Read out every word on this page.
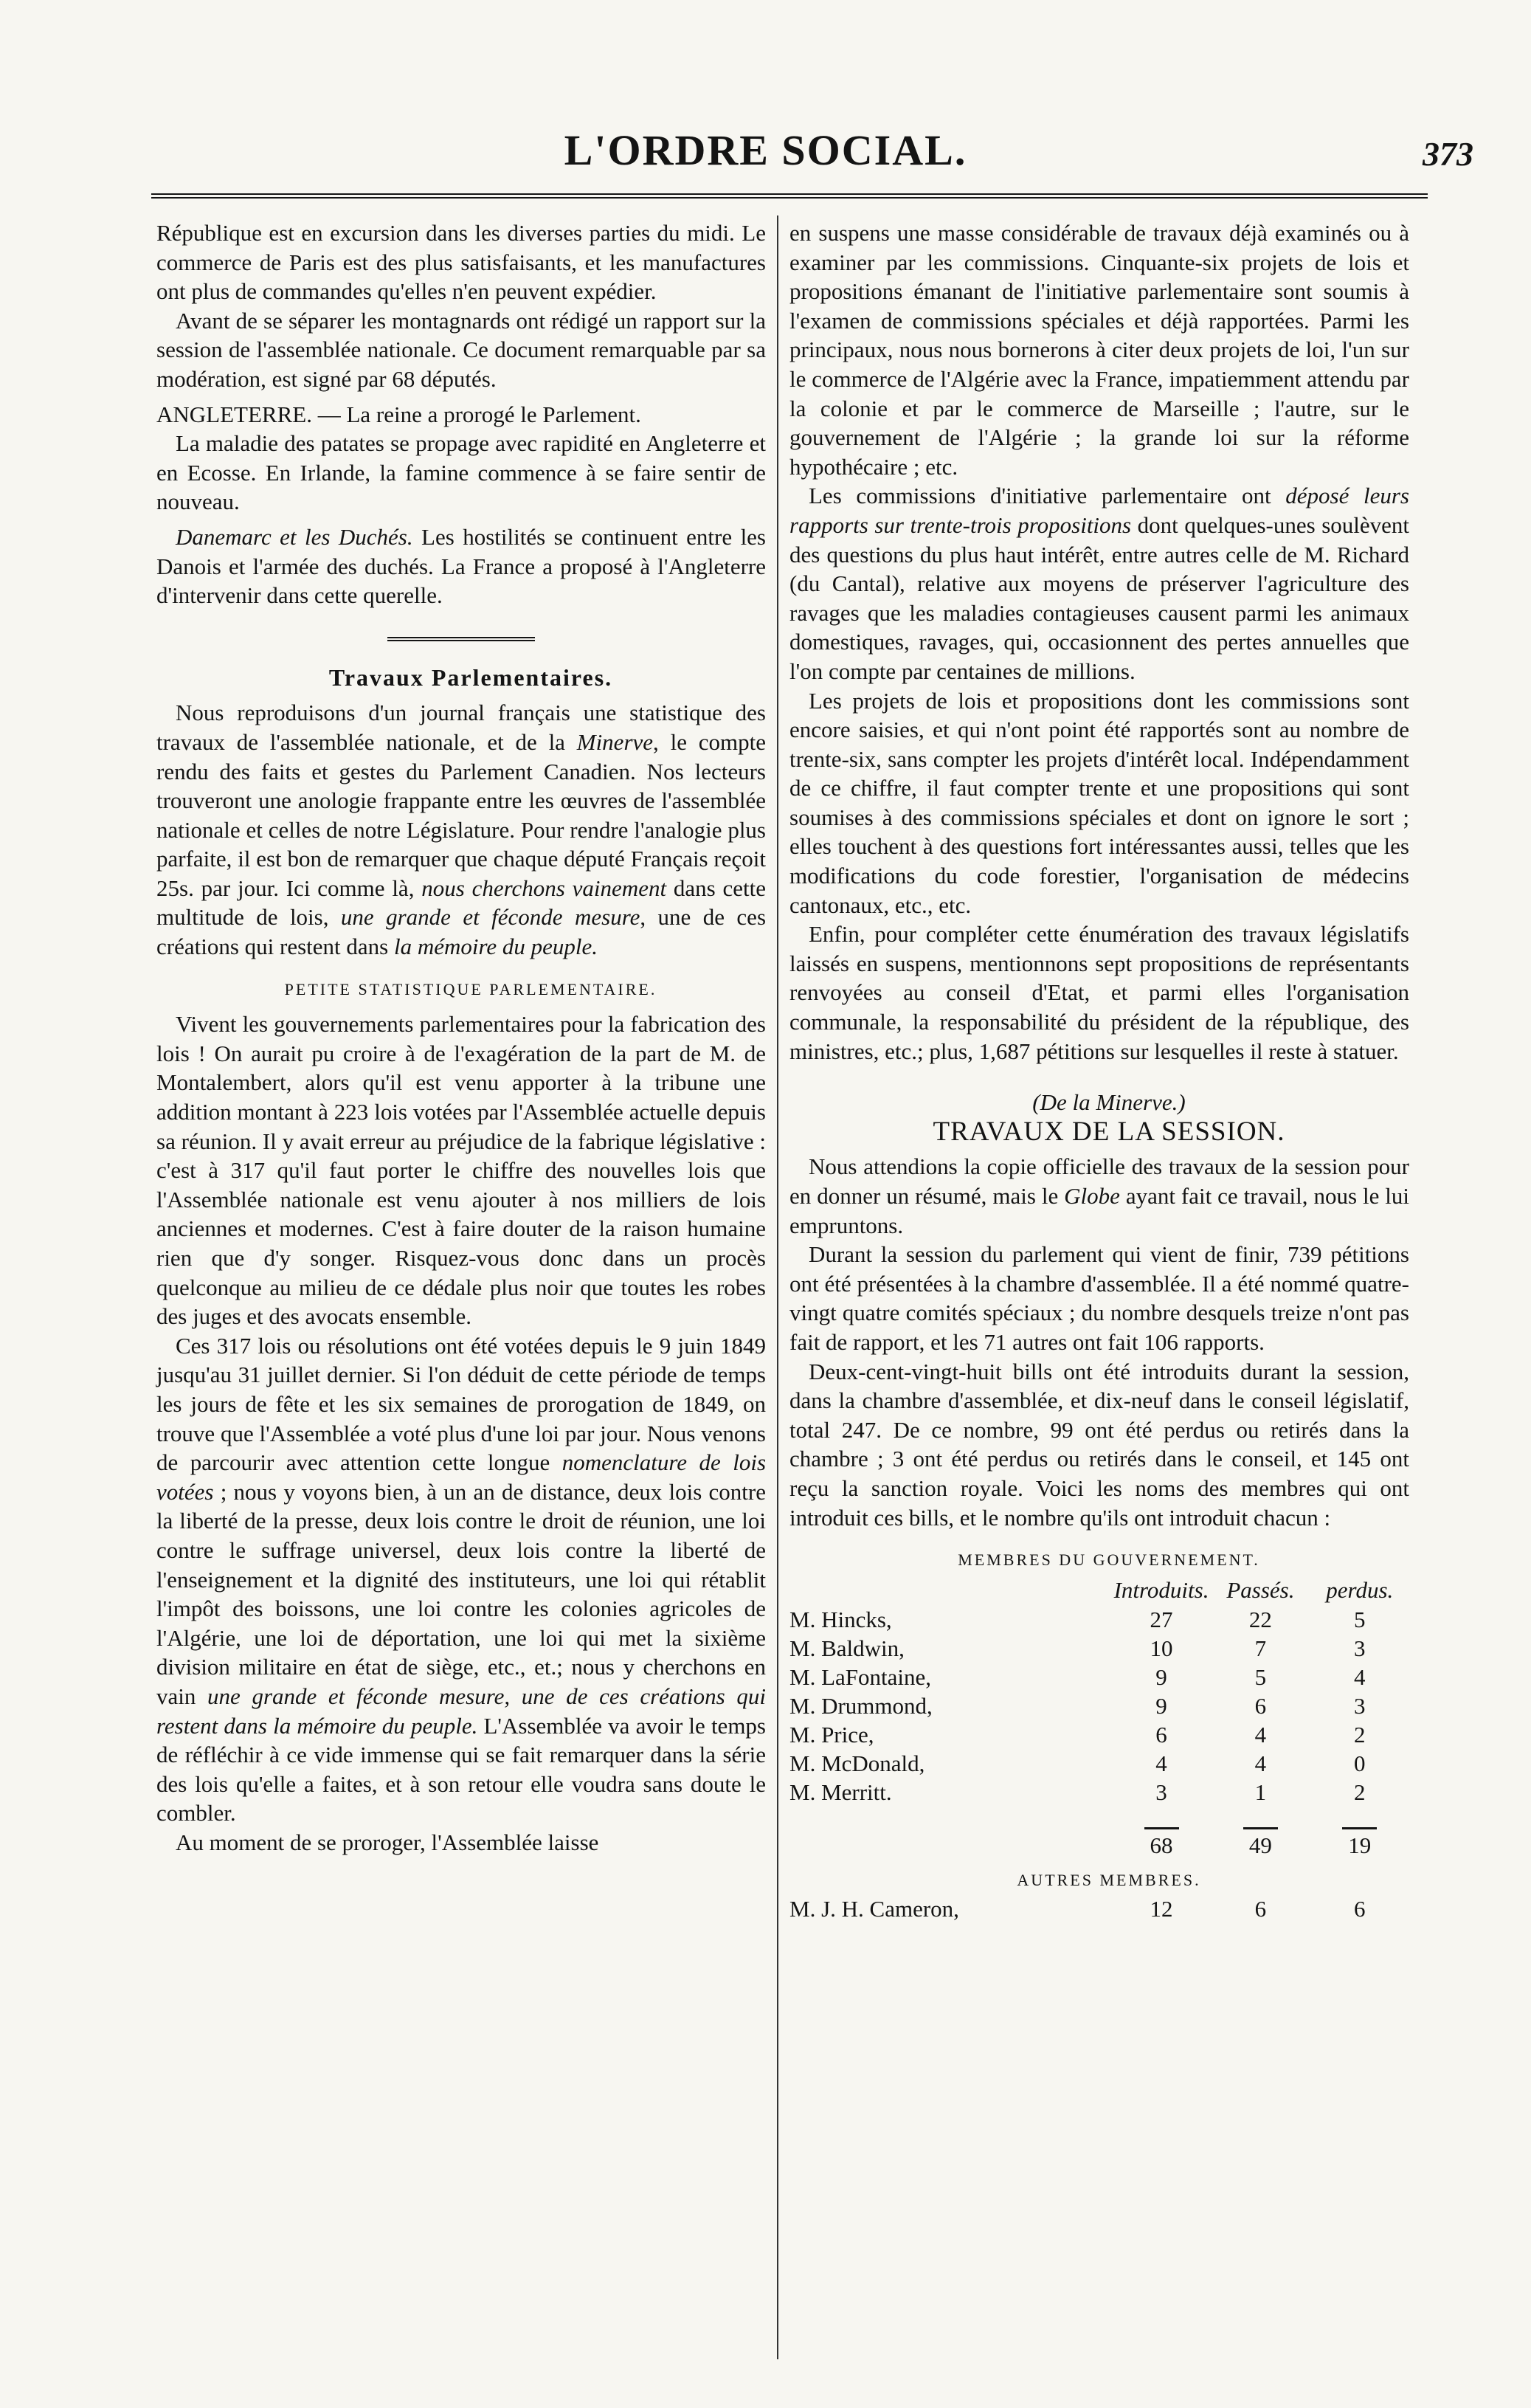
L'ORDRE SOCIAL.	373

République est en excursion dans les diverses parties du midi. Le commerce de Paris est des plus satisfaisants, et les manufactures ont plus de commandes qu'elles n'en peuvent expédier.

Avant de se séparer les montagnards ont rédigé un rapport sur la session de l'assemblée nationale. Ce document remarquable par sa modération, est signé par 68 députés.

ANGLETERRE. — La reine a prorogé le Parlement.

La maladie des patates se propage avec rapidité en Angleterre et en Ecosse. En Irlande, la famine commence à se faire sentir de nouveau.

Danemarc et les Duchés. Les hostilités se continuent entre les Danois et l'armée des duchés. La France a proposé à l'Angleterre d'intervenir dans cette querelle.

Travaux Parlementaires.

Nous reproduisons d'un journal français une statistique des travaux de l'assemblée nationale, et de la Minerve, le compte rendu des faits et gestes du Parlement Canadien. Nos lecteurs trouveront une anologie frappante entre les œuvres de l'assemblée nationale et celles de notre Législature. Pour rendre l'analogie plus parfaite, il est bon de remarquer que chaque député Français reçoit 25s. par jour. Ici comme là, nous cherchons vainement dans cette multitude de lois, une grande et féconde mesure, une de ces créations qui restent dans la mémoire du peuple.

PETITE STATISTIQUE PARLEMENTAIRE.

Vivent les gouvernements parlementaires pour la fabrication des lois ! On aurait pu croire à de l'exagération de la part de M. de Montalembert, alors qu'il est venu apporter à la tribune une addition montant à 223 lois votées par l'Assemblée actuelle depuis sa réunion. Il y avait erreur au préjudice de la fabrique législative : c'est à 317 qu'il faut porter le chiffre des nouvelles lois que l'Assemblée nationale est venu ajouter à nos milliers de lois anciennes et modernes. C'est à faire douter de la raison humaine rien que d'y songer. Risquez-vous donc dans un procès quelconque au milieu de ce dédale plus noir que toutes les robes des juges et des avocats ensemble.

Ces 317 lois ou résolutions ont été votées depuis le 9 juin 1849 jusqu'au 31 juillet dernier. Si l'on déduit de cette période de temps les jours de fête et les six semaines de prorogation de 1849, on trouve que l'Assemblée a voté plus d'une loi par jour. Nous venons de parcourir avec attention cette longue nomenclature de lois votées ; nous y voyons bien, à un an de distance, deux lois contre la liberté de la presse, deux lois contre le droit de réunion, une loi contre le suffrage universel, deux lois contre la liberté de l'enseignement et la dignité des instituteurs, une loi qui rétablit l'impôt des boissons, une loi contre les colonies agricoles de l'Algérie, une loi de déportation, une loi qui met la sixième division militaire en état de siège, etc., et.; nous y cherchons en vain une grande et féconde mesure, une de ces créations qui restent dans la mémoire du peuple. L'Assemblée va avoir le temps de réfléchir à ce vide immense qui se fait remarquer dans la série des lois qu'elle a faites, et à son retour elle voudra sans doute le combler.

Au moment de se proroger, l'Assemblée laisse

en suspens une masse considérable de travaux déjà examinés ou à examiner par les commissions. Cinquante-six projets de lois et propositions émanant de l'initiative parlementaire sont soumis à l'examen de commissions spéciales et déjà rapportées. Parmi les principaux, nous nous bornerons à citer deux projets de loi, l'un sur le commerce de l'Algérie avec la France, impatiemment attendu par la colonie et par le commerce de Marseille ; l'autre, sur le gouvernement de l'Algérie ; la grande loi sur la réforme hypothécaire ; etc.

Les commissions d'initiative parlementaire ont déposé leurs rapports sur trente-trois propositions dont quelques-unes soulèvent des questions du plus haut intérêt, entre autres celle de M. Richard (du Cantal), relative aux moyens de préserver l'agriculture des ravages que les maladies contagieuses causent parmi les animaux domestiques, ravages, qui, occasionnent des pertes annuelles que l'on compte par centaines de millions.

Les projets de lois et propositions dont les commissions sont encore saisies, et qui n'ont point été rapportés sont au nombre de trente-six, sans compter les projets d'intérêt local. Indépendamment de ce chiffre, il faut compter trente et une propositions qui sont soumises à des commissions spéciales et dont on ignore le sort ; elles touchent à des questions fort intéressantes aussi, telles que les modifications du code forestier, l'organisation de médecins cantonaux, etc., etc.

Enfin, pour compléter cette énumération des travaux législatifs laissés en suspens, mentionnons sept propositions de représentants renvoyées au conseil d'Etat, et parmi elles l'organisation communale, la responsabilité du président de la république, des ministres, etc.; plus, 1,687 pétitions sur lesquelles il reste à statuer.

(De la Minerve.)

TRAVAUX DE LA SESSION.

Nous attendions la copie officielle des travaux de la session pour en donner un résumé, mais le Globe ayant fait ce travail, nous le lui empruntons.

Durant la session du parlement qui vient de finir, 739 pétitions ont été présentées à la chambre d'assemblée. Il a été nommé quatre-vingt quatre comités spéciaux ; du nombre desquels treize n'ont pas fait de rapport, et les 71 autres ont fait 106 rapports.

Deux-cent-vingt-huit bills ont été introduits durant la session, dans la chambre d'assemblée, et dix-neuf dans le conseil législatif, total 247. De ce nombre, 99 ont été perdus ou retirés dans la chambre ; 3 ont été perdus ou retirés dans le conseil, et 145 ont reçu la sanction royale. Voici les noms des membres qui ont introduit ces bills, et le nombre qu'ils ont introduit chacun :

MEMBRES DU GOUVERNEMENT.

	Introduits.	Passés.	perdus.
M. Hincks,	27	22	5
M. Baldwin,	10	7	3
M. LaFontaine,	9	5	4
M. Drummond,	9	6	3
M. Price,	6	4	2
M. McDonald,	4	4	0
M. Merritt.	3	1	2
	68	49	19

AUTRES MEMBRES.

M. J. H. Cameron,	12	6	6
